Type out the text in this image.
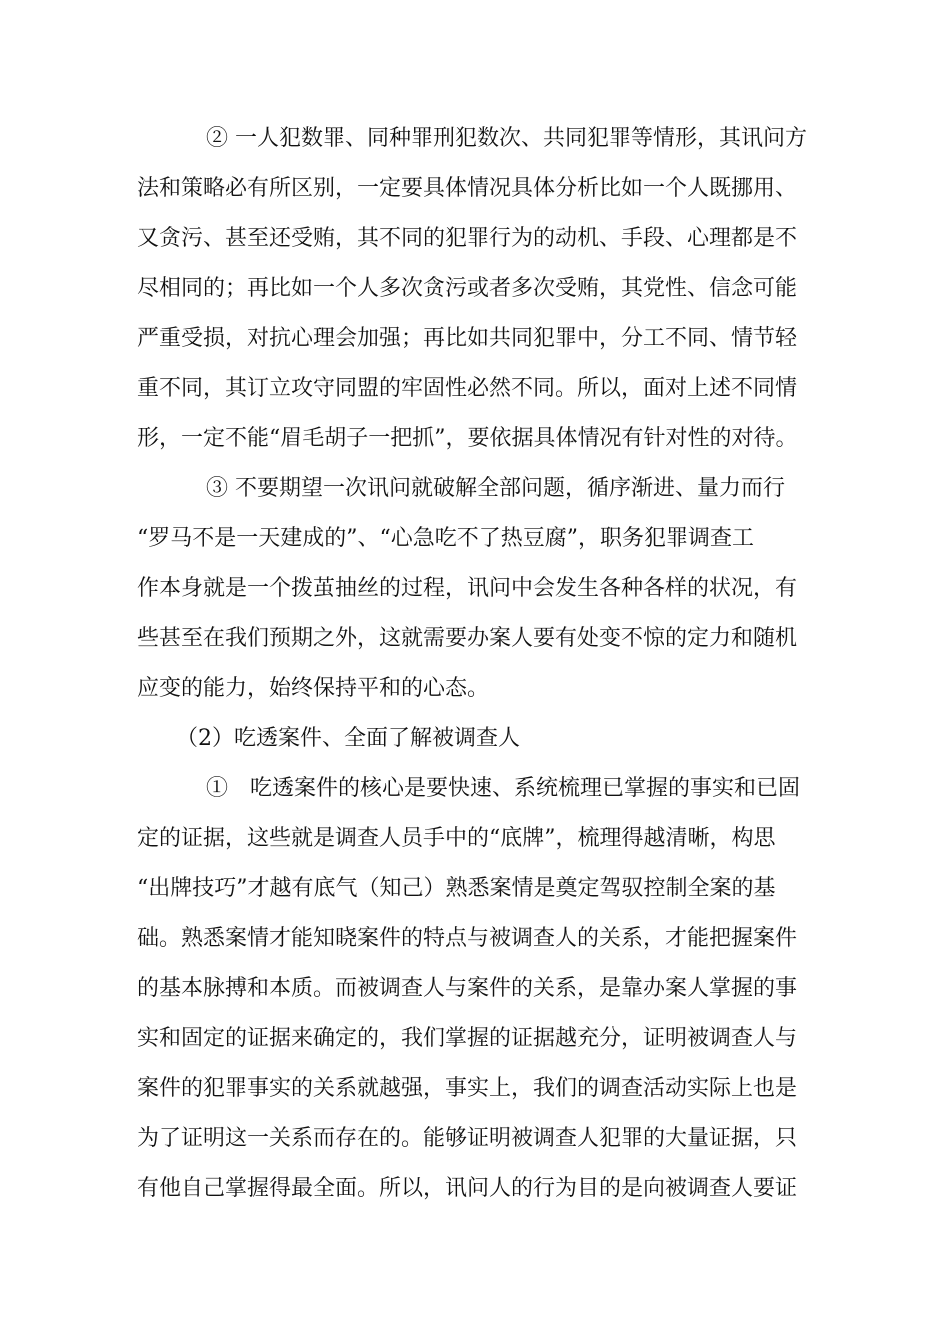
② 一人犯数罪、同种罪刑犯数次、共同犯罪等情形，其讯问方
法和策略必有所区别，一定要具体情况具体分析比如一个人既挪用、
又贪污、甚至还受贿，其不同的犯罪行为的动机、手段、心理都是不
尽相同的；再比如一个人多次贪污或者多次受贿，其党性、信念可能
严重受损，对抗心理会加强；再比如共同犯罪中，分工不同、情节轻
重不同，其订立攻守同盟的牢固性必然不同。所以，面对上述不同情
形，一定不能“眉毛胡子一把抓”，要依据具体情况有针对性的对待。
③ 不要期望一次讯问就破解全部问题，循序渐进、量力而行
“罗马不是一天建成的”、“心急吃不了热豆腐”，职务犯罪调查工
作本身就是一个拨茧抽丝的过程，讯问中会发生各种各样的状况，有
些甚至在我们预期之外，这就需要办案人要有处变不惊的定力和随机
应变的能力，始终保持平和的心态。
（2）吃透案件、全面了解被调查人
①　吃透案件的核心是要快速、系统梳理已掌握的事实和已固
定的证据，这些就是调查人员手中的“底牌”，梳理得越清晰，构思
“出牌技巧”才越有底气（知己）熟悉案情是奠定驾驭控制全案的基
础。熟悉案情才能知晓案件的特点与被调查人的关系，才能把握案件
的基本脉搏和本质。而被调查人与案件的关系，是靠办案人掌握的事
实和固定的证据来确定的，我们掌握的证据越充分，证明被调查人与
案件的犯罪事实的关系就越强，事实上，我们的调查活动实际上也是
为了证明这一关系而存在的。能够证明被调查人犯罪的大量证据，只
有他自己掌握得最全面。所以，讯问人的行为目的是向被调查人要证
